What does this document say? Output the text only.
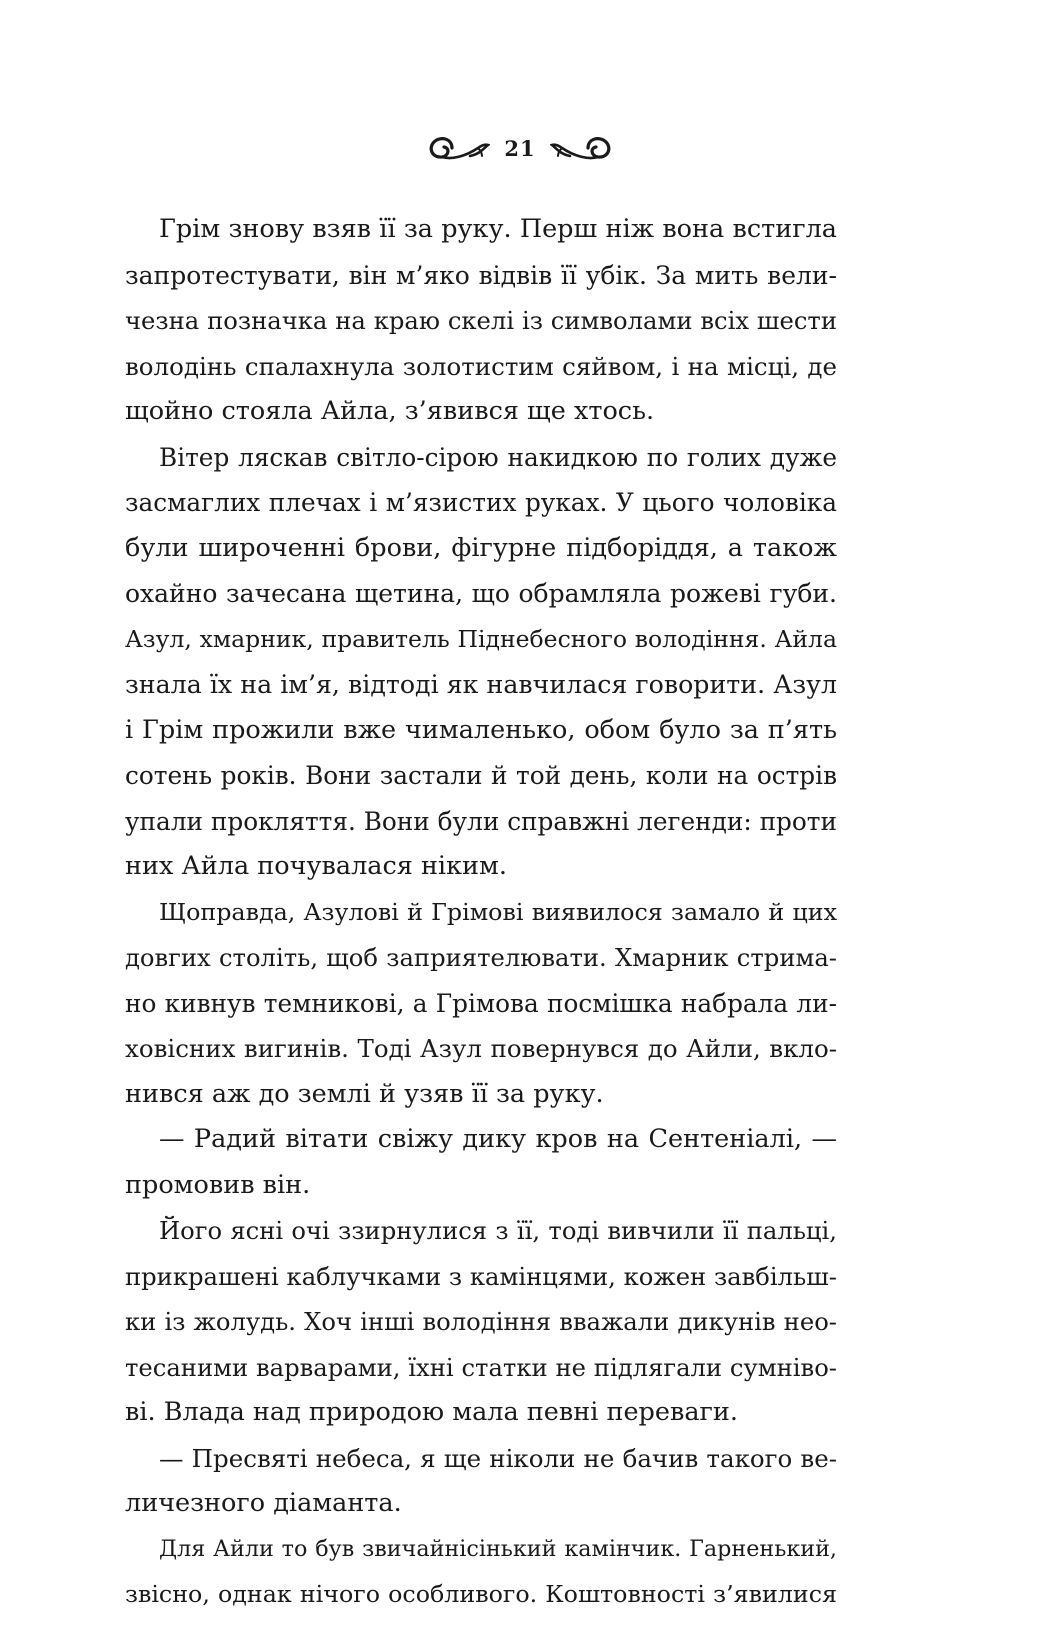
21
Грім знову взяв її за руку. Перш ніж вона встигла
запротестувати, він м’яко відвів її убік. За мить вели-
чезна позначка на краю скелі із символами всіх шести
володінь спалахнула золотистим сяйвом, і на місці, де
щойно стояла Айла, з’явився ще хтось.
Вітер ляскав світло-сірою накидкою по голих дуже
засмаглих плечах і м’язистих руках. У цього чоловіка
були широченні брови, фігурне підборіддя, а також
охайно зачесана щетина, що обрамляла рожеві губи.
Азул, хмарник, правитель Піднебесного володіння. Айла
знала їх на ім’я, відтоді як навчилася говорити. Азул
і Грім прожили вже чималенько, обом було за п’ять
сотень років. Вони застали й той день, коли на острів
упали прокляття. Вони були справжні легенди: проти
них Айла почувалася ніким.
Щоправда, Азулові й Грімові виявилося замало й цих
довгих століть, щоб заприятелювати. Хмарник стрима-
но кивнув темникові, а Грімова посмішка набрала ли-
ховісних вигинів. Тоді Азул повернувся до Айли, вкло-
нився аж до землі й узяв її за руку.
— Радий вітати свіжу дику кров на Сентеніалі, —
промовив він.
Його ясні очі ззирнулися з її, тоді вивчили її пальці,
прикрашені каблучками з камінцями, кожен завбільш-
ки із жолудь. Хоч інші володіння вважали дикунів нео-
тесаними варварами, їхні статки не підлягали сумніво-
ві. Влада над природою мала певні переваги.
— Пресвяті небеса, я ще ніколи не бачив такого ве-
личезного діаманта.
Для Айли то був звичайнісінький камінчик. Гарненький,
звісно, однак нічого особливого. Коштовності з’явилися
